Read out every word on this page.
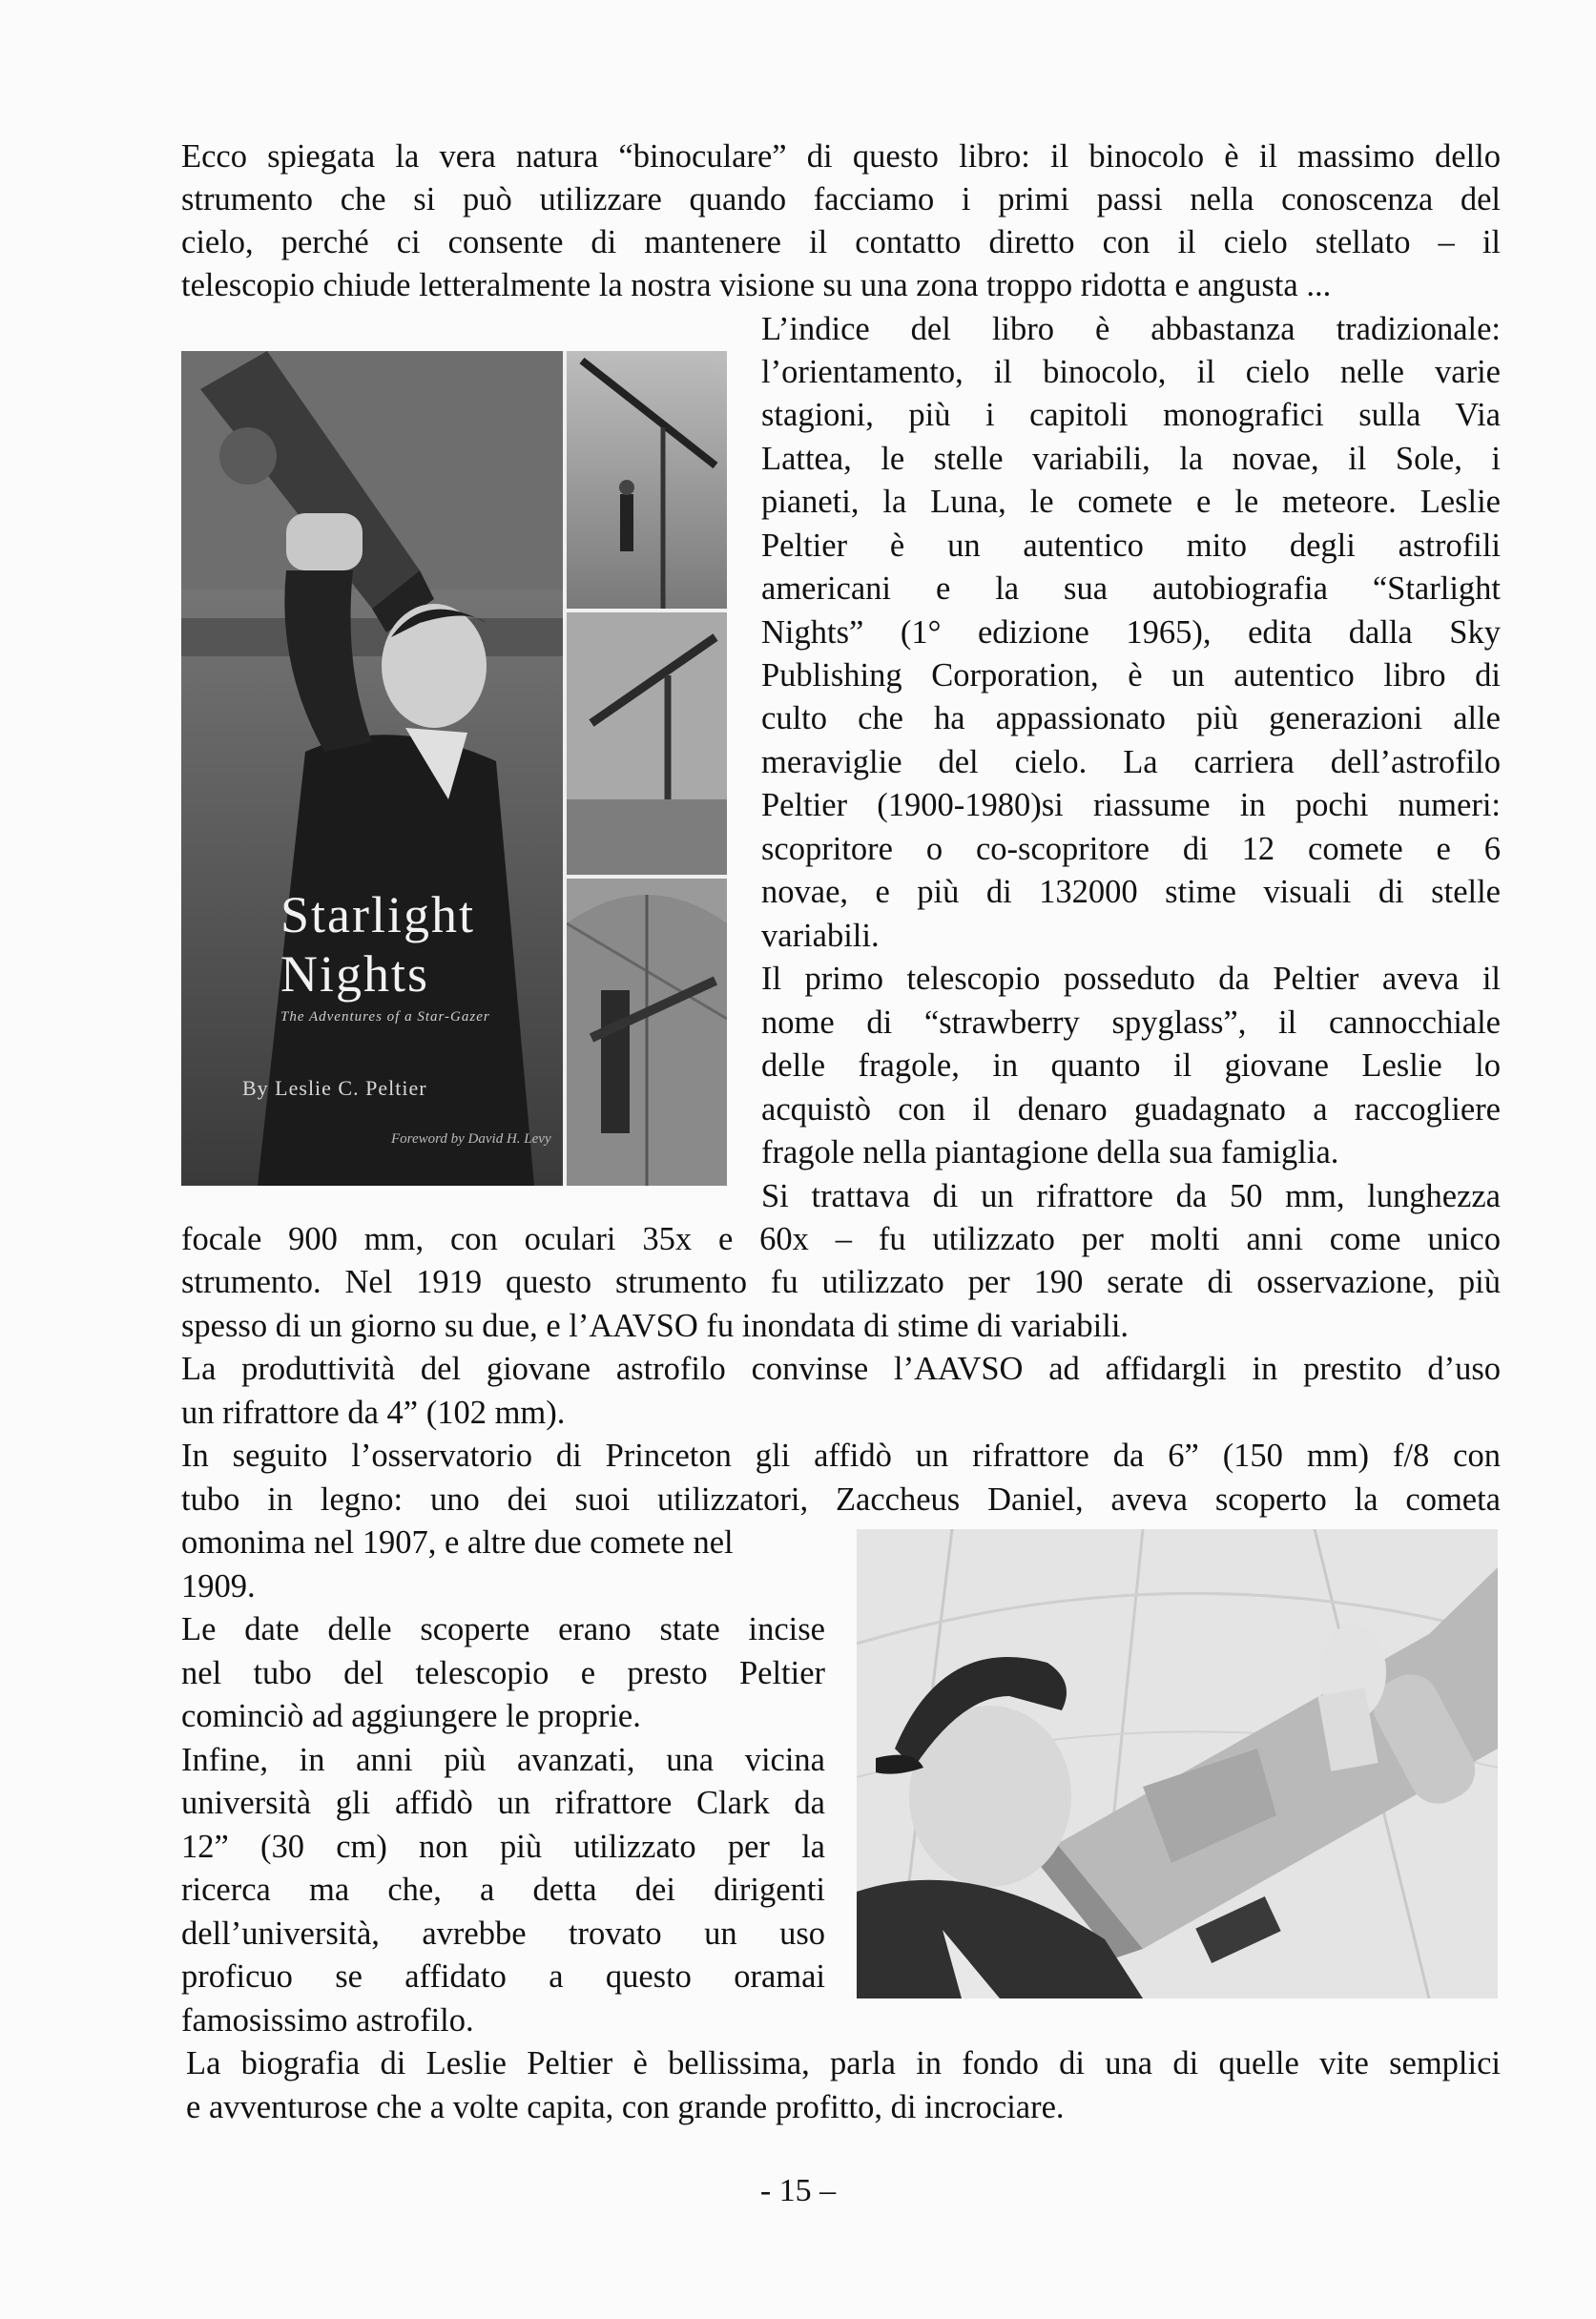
Ecco spiegata la vera natura “binoculare” di questo libro: il binocolo è il massimo dello

strumento che si può utilizzare quando facciamo i primi passi nella conoscenza del

cielo, perché ci consente di mantenere il contatto diretto con il cielo stellato – il

telescopio chiude letteralmente la nostra visione su una zona troppo ridotta e angusta ...

Starlight
Nights
The Adventures of a Star-Gazer
By Leslie C. Peltier
Foreword by David H. Levy

L’indice del libro è abbastanza tradizionale:

l’orientamento, il binocolo, il cielo nelle varie

stagioni, più i capitoli monografici sulla Via

Lattea, le stelle variabili, la novae, il Sole, i

pianeti, la Luna, le comete e le meteore. Leslie

Peltier è un autentico mito degli astrofili

americani e la sua autobiografia “Starlight

Nights” (1° edizione 1965), edita dalla Sky

Publishing Corporation, è un autentico libro di

culto che ha appassionato più generazioni alle

meraviglie del cielo. La carriera dell’astrofilo

Peltier (1900-1980)si riassume in pochi numeri:

scopritore o co-scopritore di 12 comete e 6

novae, e più di 132000 stime visuali di stelle

variabili.

Il primo telescopio posseduto da Peltier aveva il

nome di “strawberry spyglass”, il cannocchiale

delle fragole, in quanto il giovane Leslie lo

acquistò con il denaro guadagnato a raccogliere

fragole nella piantagione della sua famiglia.

Si trattava di un rifrattore da 50 mm, lunghezza

focale 900 mm, con oculari 35x e 60x – fu utilizzato per molti anni come unico

strumento. Nel 1919 questo strumento fu utilizzato per 190 serate di osservazione, più

spesso di un giorno su due, e l’AAVSO fu inondata di stime di variabili.

La produttività del giovane astrofilo convinse l’AAVSO ad affidargli in prestito d’uso

un rifrattore da 4” (102 mm).

In seguito l’osservatorio di Princeton gli affidò un rifrattore da 6” (150 mm) f/8 con

tubo in legno: uno dei suoi utilizzatori, Zaccheus Daniel, aveva scoperto la cometa

omonima nel 1907, e altre due comete nel

1909.

Le date delle scoperte erano state incise

nel tubo del telescopio e presto Peltier

cominciò ad aggiungere le proprie.

Infine, in anni più avanzati, una vicina

università gli affidò un rifrattore Clark da

12” (30 cm) non più utilizzato per la

ricerca ma che, a detta dei dirigenti

dell’università, avrebbe trovato un uso

proficuo se affidato a questo oramai

famosissimo astrofilo.

La biografia di Leslie Peltier è bellissima, parla in fondo di una di quelle vite semplici

e avventurose che a volte capita, con grande profitto, di incrociare.

- 15 –
